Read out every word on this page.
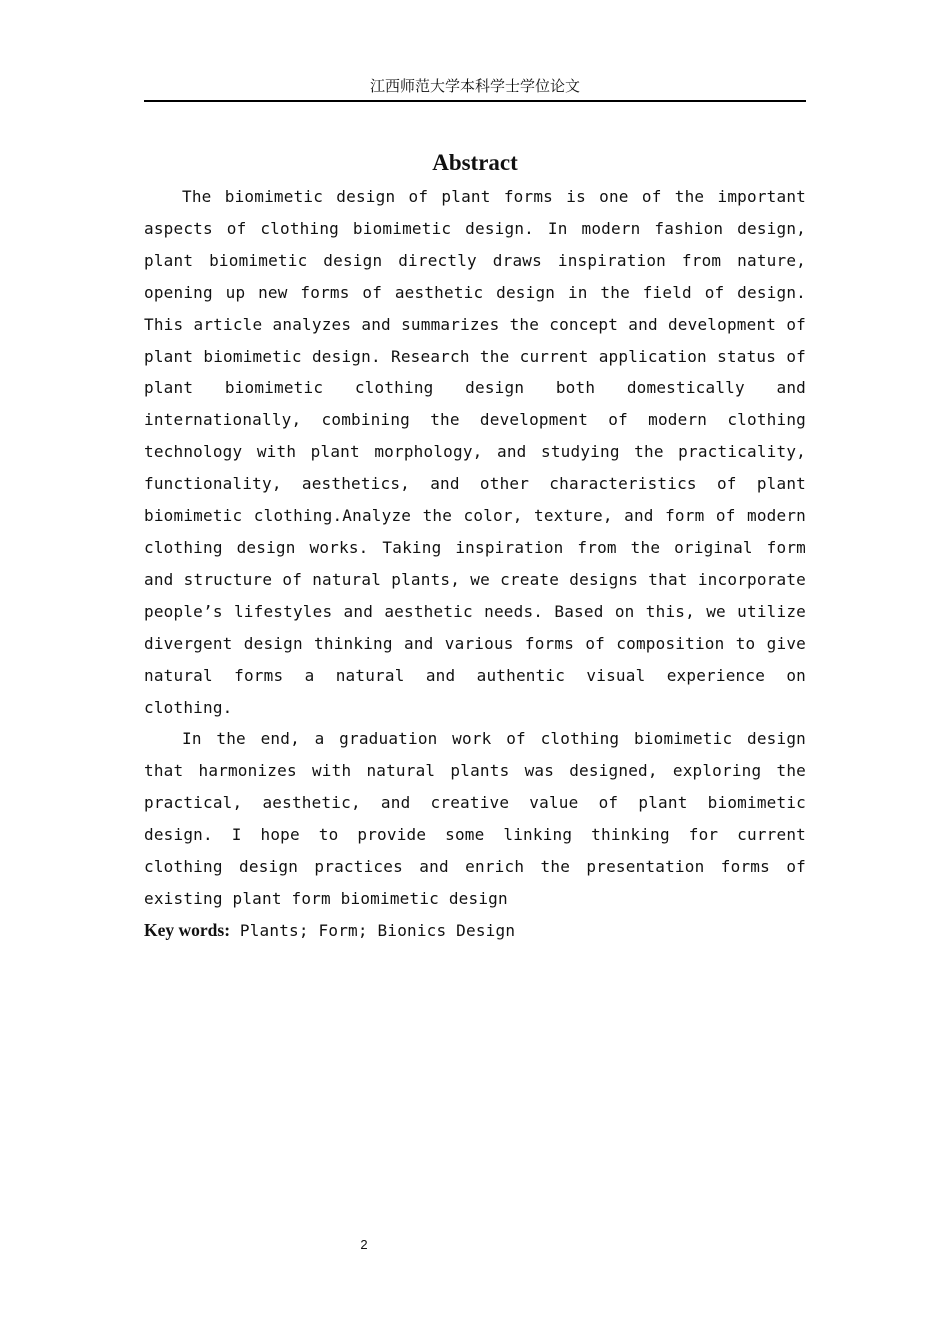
江西师范大学本科学士学位论文
Abstract

The biomimetic design of plant forms is one of the important aspects of clothing biomimetic design. In modern fashion design, plant biomimetic design directly draws inspiration from nature, opening up new forms of aesthetic design in the field of design. This article analyzes and summarizes the concept and development of plant biomimetic design. Research the current application status of plant biomimetic clothing design both domestically and internationally, combining the development of modern clothing technology with plant morphology, and studying the practicality, functionality, aesthetics, and other characteristics of plant biomimetic clothing.Analyze the color, texture, and form of modern clothing design works. Taking inspiration from the original form and structure of natural plants, we create designs that incorporate people’s lifestyles and aesthetic needs. Based on this, we utilize divergent design thinking and various forms of composition to give natural forms a natural and authentic visual experience on clothing.

In the end, a graduation work of clothing biomimetic design that harmonizes with natural plants was designed, exploring the practical, aesthetic, and creative value of plant biomimetic design. I hope to provide some linking thinking for current clothing design practices and enrich the presentation forms of existing plant form biomimetic design

Key words: Plants; Form; Bionics Design
2
